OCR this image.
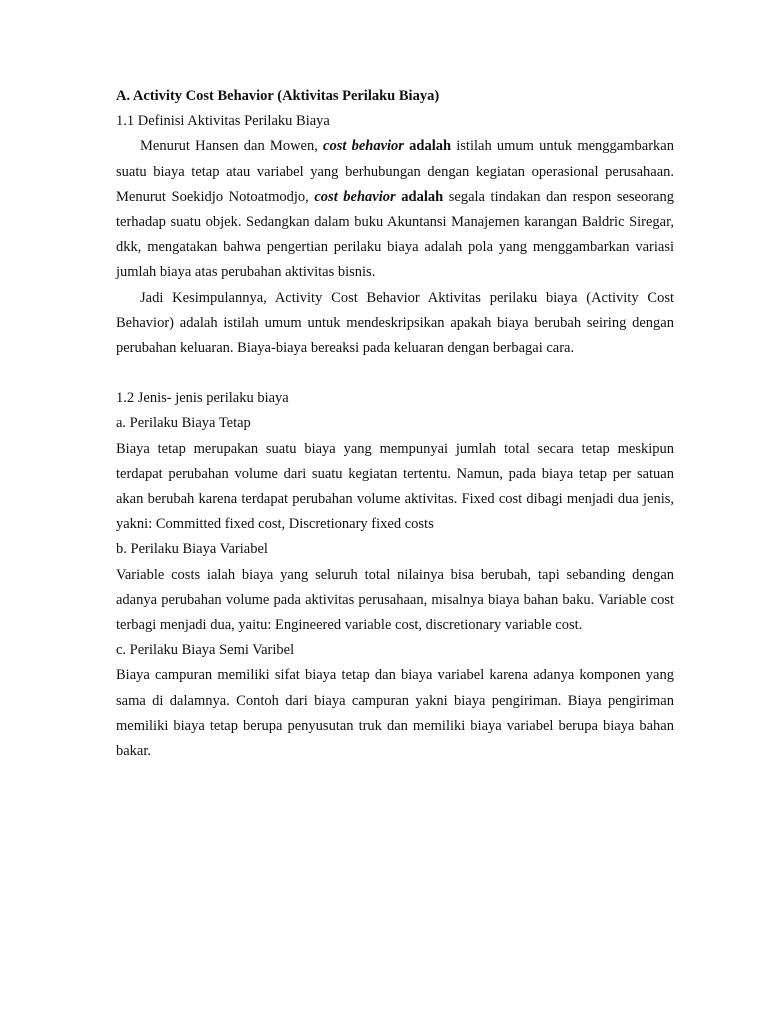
A. Activity Cost Behavior (Aktivitas Perilaku Biaya)

1.1 Definisi Aktivitas Perilaku Biaya

Menurut Hansen dan Mowen, cost behavior adalah istilah umum untuk menggambarkan suatu biaya tetap atau variabel yang berhubungan dengan kegiatan operasional perusahaan. Menurut Soekidjo Notoatmodjo, cost behavior adalah segala tindakan dan respon seseorang terhadap suatu objek. Sedangkan dalam buku Akuntansi Manajemen karangan Baldric Siregar, dkk, mengatakan bahwa pengertian perilaku biaya adalah pola yang menggambarkan variasi jumlah biaya atas perubahan aktivitas bisnis.

Jadi Kesimpulannya, Activity Cost Behavior Aktivitas perilaku biaya (Activity Cost Behavior) adalah istilah umum untuk mendeskripsikan apakah biaya berubah seiring dengan perubahan keluaran. Biaya-biaya bereaksi pada keluaran dengan berbagai cara.

1.2 Jenis- jenis perilaku biaya

a. Perilaku Biaya Tetap

Biaya tetap merupakan suatu biaya yang mempunyai jumlah total secara tetap meskipun terdapat perubahan volume dari suatu kegiatan tertentu. Namun, pada biaya tetap per satuan akan berubah karena terdapat perubahan volume aktivitas. Fixed cost dibagi menjadi dua jenis, yakni: Committed fixed cost, Discretionary fixed costs

b. Perilaku Biaya Variabel

Variable costs ialah biaya yang seluruh total nilainya bisa berubah, tapi sebanding dengan adanya perubahan volume pada aktivitas perusahaan, misalnya biaya bahan baku. Variable cost terbagi menjadi dua, yaitu: Engineered variable cost, discretionary variable cost.

c. Perilaku Biaya Semi Varibel

Biaya campuran memiliki sifat biaya tetap dan biaya variabel karena adanya komponen yang sama di dalamnya. Contoh dari biaya campuran yakni biaya pengiriman. Biaya pengiriman memiliki biaya tetap berupa penyusutan truk dan memiliki biaya variabel berupa biaya bahan bakar.
